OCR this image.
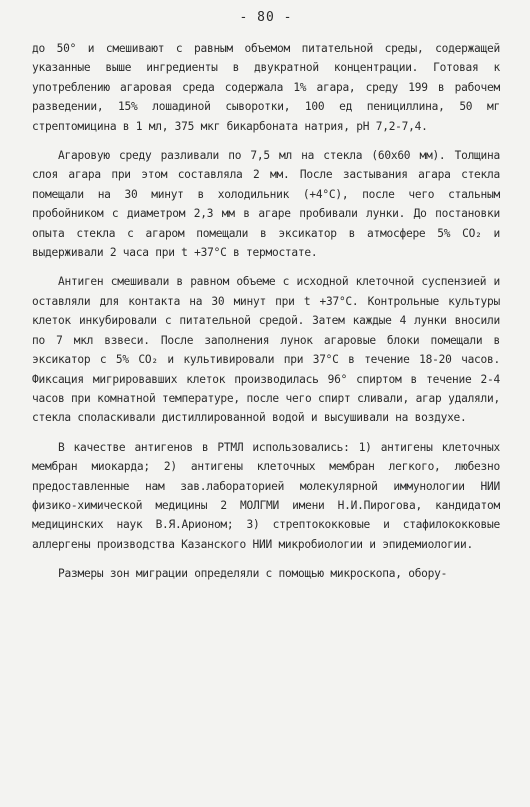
- 80 -

до 50° и смешивают с равным объемом питательной среды, содержащей указанные выше ингредиенты в двукратной концентрации. Готовая к употреблению агаровая среда содержала 1% агара, среду 199 в рабочем разведении, 15% лошадиной сыворотки, 100 ед пенициллина, 50 мг стрептомицина в 1 мл, 375 мкг бикарбоната натрия, рН 7,2-7,4.

Агаровую среду разливали по 7,5 мл на стекла (60х60 мм). Толщина слоя агара при этом составляла 2 мм. После застывания агара стекла помещали на 30 минут в холодильник (+4°С), после чего стальным пробойником с диаметром 2,3 мм в агаре пробивали лунки. До постановки опыта стекла с агаром помещали в эксикатор в атмосфере 5% СО₂ и выдерживали 2 часа при t +37°С в термостате.

Антиген смешивали в равном объеме с исходной клеточной суспензией и оставляли для контакта на 30 минут при t +37°С. Контрольные культуры клеток инкубировали с питательной средой. Затем каждые 4 лунки вносили по 7 мкл взвеси. После заполнения лунок агаровые блоки помещали в эксикатор с 5% СО₂ и культивировали при 37°С в течение 18-20 часов. Фиксация мигрировавших клеток производилась 96° спиртом в течение 2-4 часов при комнатной температуре, после чего спирт сливали, агар удаляли, стекла споласкивали дистиллированной водой и высушивали на воздухе.

В качестве антигенов в РТМЛ использовались: 1) антигены клеточных мембран миокарда; 2) антигены клеточных мембран легкого, любезно предоставленные нам зав.лабораторией молекулярной иммунологии НИИ физико-химической медицины 2 МОЛГМИ имени Н.И.Пирогова, кандидатом медицинских наук В.Я.Арионом; 3) стрептококковые и стафилококковые аллергены производства Казанского НИИ микробиологии и эпидемиологии.

Размеры зон миграции определяли с помощью микроскопа, обору-
